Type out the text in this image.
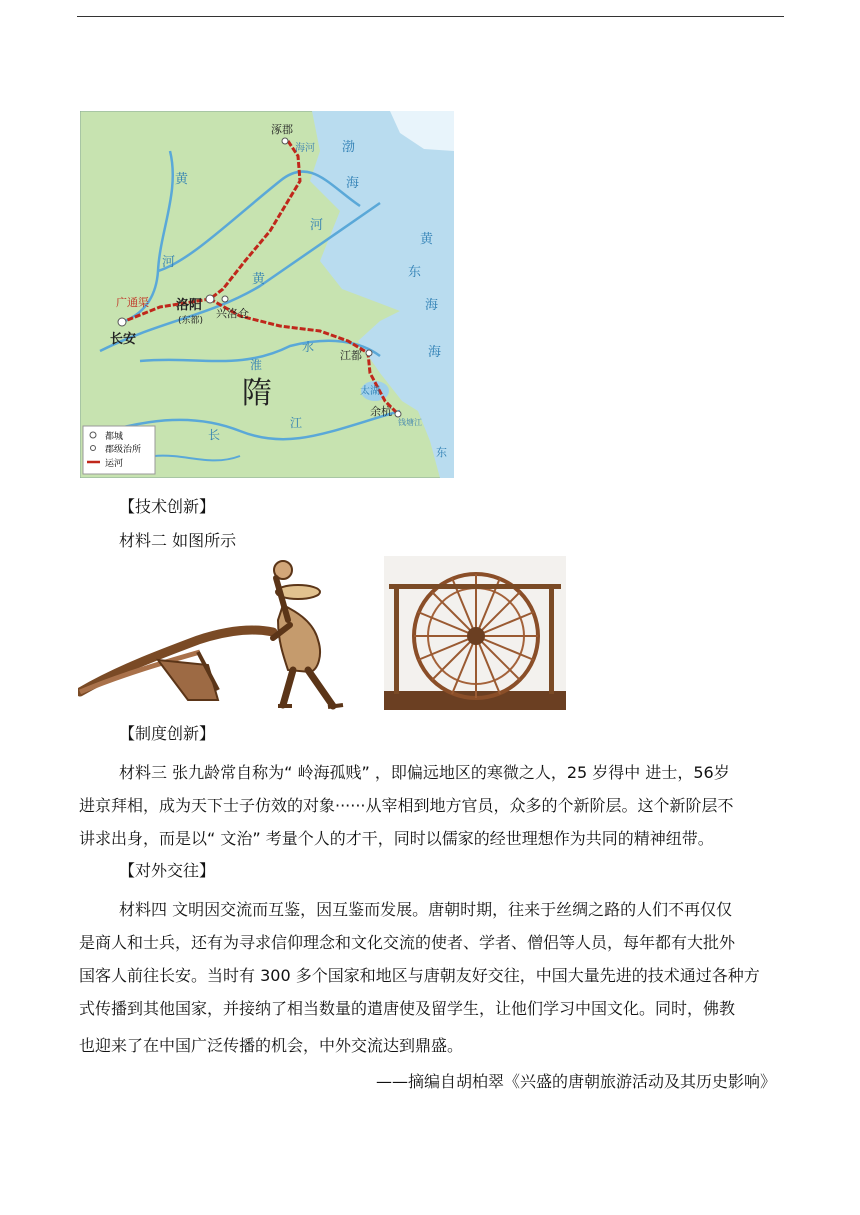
涿郡
海河 渤
海
黄
河
河
黄
黄
东
海
海
广通渠
长安
洛阳
(东都)
兴洛仓
淮
水
江都
隋	太湖
余杭
钱塘江
长
江
东
都城
郡级治所
运河
【技术创新】
材料二 如图所示
【制度创新】
材料三 张九龄常自称为“ 岭海孤贱” ，即偏远地区的寒微之人，25 岁得中 进士，56岁
进京拜相，成为天下士子仿效的对象······从宰相到地方官员，众多的个新阶层。这个新阶层不
讲求出身，而是以“ 文治” 考量个人的才干，同时以儒家的经世理想作为共同的精神纽带。
【对外交往】
材料四 文明因交流而互鉴，因互鉴而发展。唐朝时期，往来于丝绸之路的人们不再仅仅
是商人和士兵，还有为寻求信仰理念和文化交流的使者、学者、僧侣等人员，每年都有大批外
国客人前往长安。当时有 300 多个国家和地区与唐朝友好交往，中国大量先进的技术通过各种方
式传播到其他国家，并接纳了相当数量的遣唐使及留学生，让他们学习中国文化。同时，佛教
也迎来了在中国广泛传播的机会，中外交流达到鼎盛。
——摘编自胡柏翠《兴盛的唐朝旅游活动及其历史影响》
